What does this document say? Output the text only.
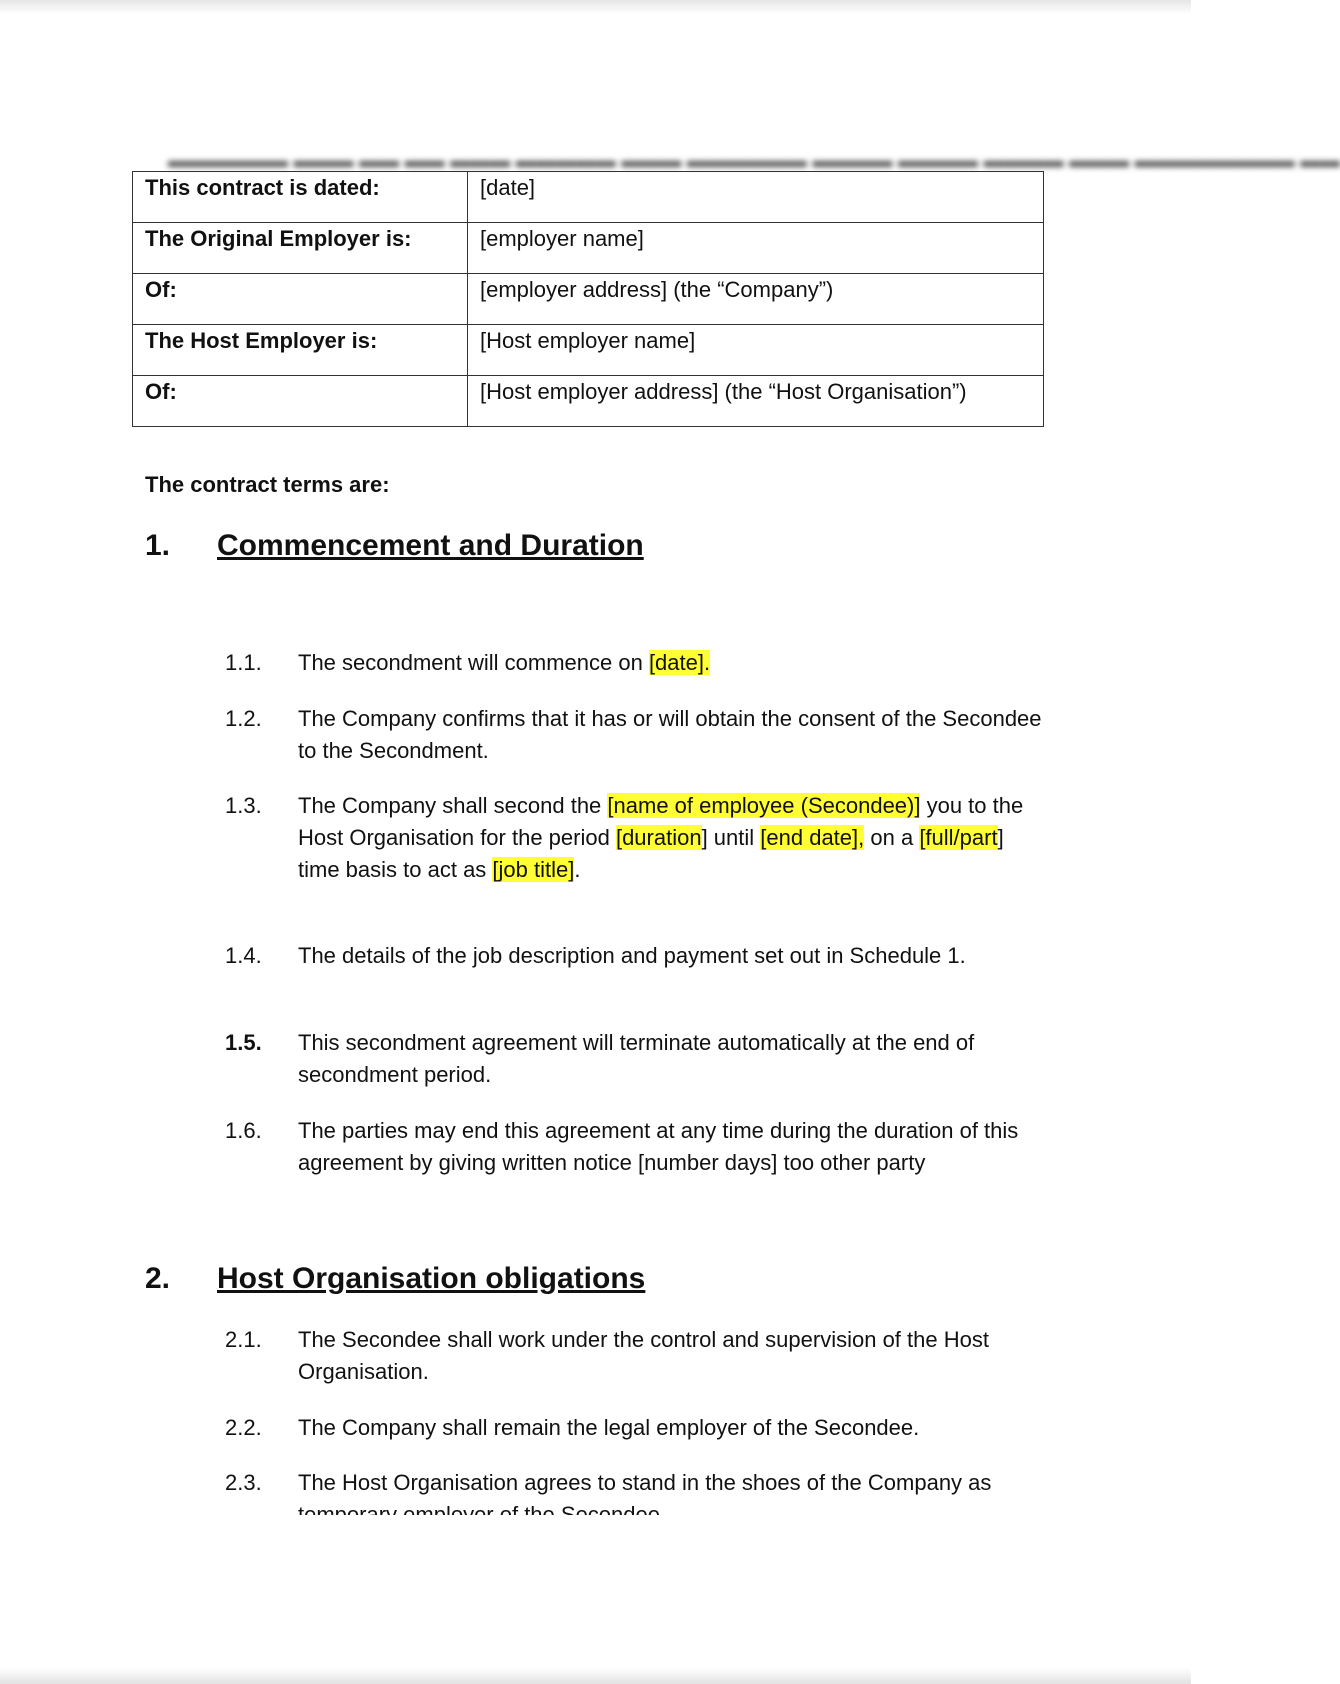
▬▬▬▬▬▬ ▬▬▬ ▬▬ ▬▬ ▬▬▬ ▬▬▬▬▬ ▬▬▬ ▬▬▬▬▬▬ ▬▬▬▬ ▬▬▬▬ ▬▬▬▬ ▬▬▬ ▬▬▬▬▬▬▬▬ ▬▬
This contract is dated:	[date]
The Original Employer is:	[employer name]
Of:	[employer address] (the “Company”)
The Host Employer is:	[Host employer name]
Of:	[Host employer address] (the “Host Organisation”)
The contract terms are:
1. Commencement and Duration
1.1. The secondment will commence on [date].
1.2. The Company confirms that it has or will obtain the consent of the Secondee to the Secondment.
1.3. The Company shall second the [name of employee (Secondee)] you to the Host Organisation for the period [duration] until [end date], on a [full/part] time basis to act as [job title].
1.4. The details of the job description and payment set out in Schedule 1.
1.5. This secondment agreement will terminate automatically at the end of secondment period.
1.6. The parties may end this agreement at any time during the duration of this agreement by giving written notice [number days] too other party
2. Host Organisation obligations
2.1. The Secondee shall work under the control and supervision of the Host Organisation.
2.2. The Company shall remain the legal employer of the Secondee.
2.3. The Host Organisation agrees to stand in the shoes of the Company as
